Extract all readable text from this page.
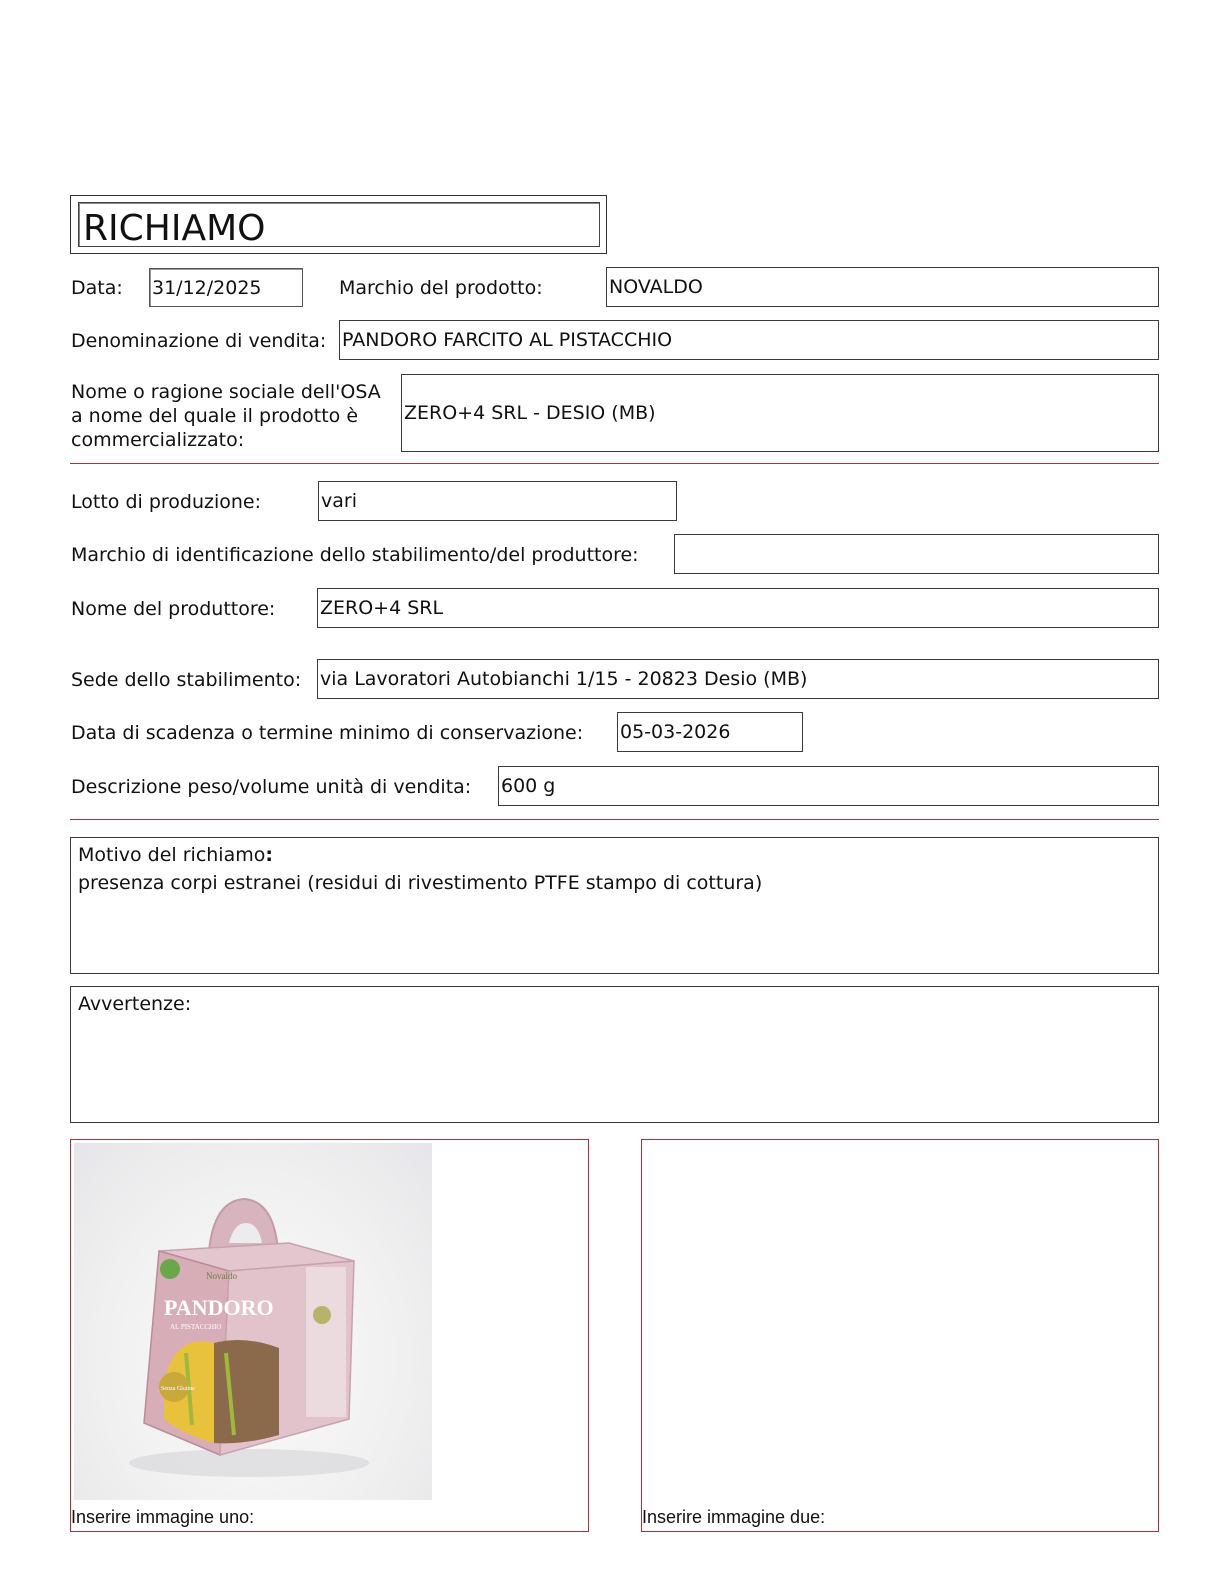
RICHIAMO
Data: 31/12/2025	Marchio del prodotto:	NOVALDO
Denominazione di vendita: PANDORO FARCITO AL PISTACCHIO
Nome o ragione sociale dell'OSA
a nome del quale il prodotto è
commercializzato:
ZERO+4 SRL - DESIO (MB)
Lotto di produzione:	vari
Marchio di identificazione dello stabilimento/del produttore:
Nome del produttore: ZERO+4 SRL
Sede dello stabilimento: via Lavoratori Autobianchi 1/15 - 20823 Desio (MB)
Data di scadenza o termine minimo di conservazione: 05-03-2026
Descrizione peso/volume unità di vendita: 600 g
Motivo del richiamo:
presenza corpi estranei (residui di rivestimento PTFE stampo di cottura)
Avvertenze:
Novaldo
PANDORO
AL PISTACCHIO
Senza Glutine
Inserire immagine uno:	Inserire immagine due:
